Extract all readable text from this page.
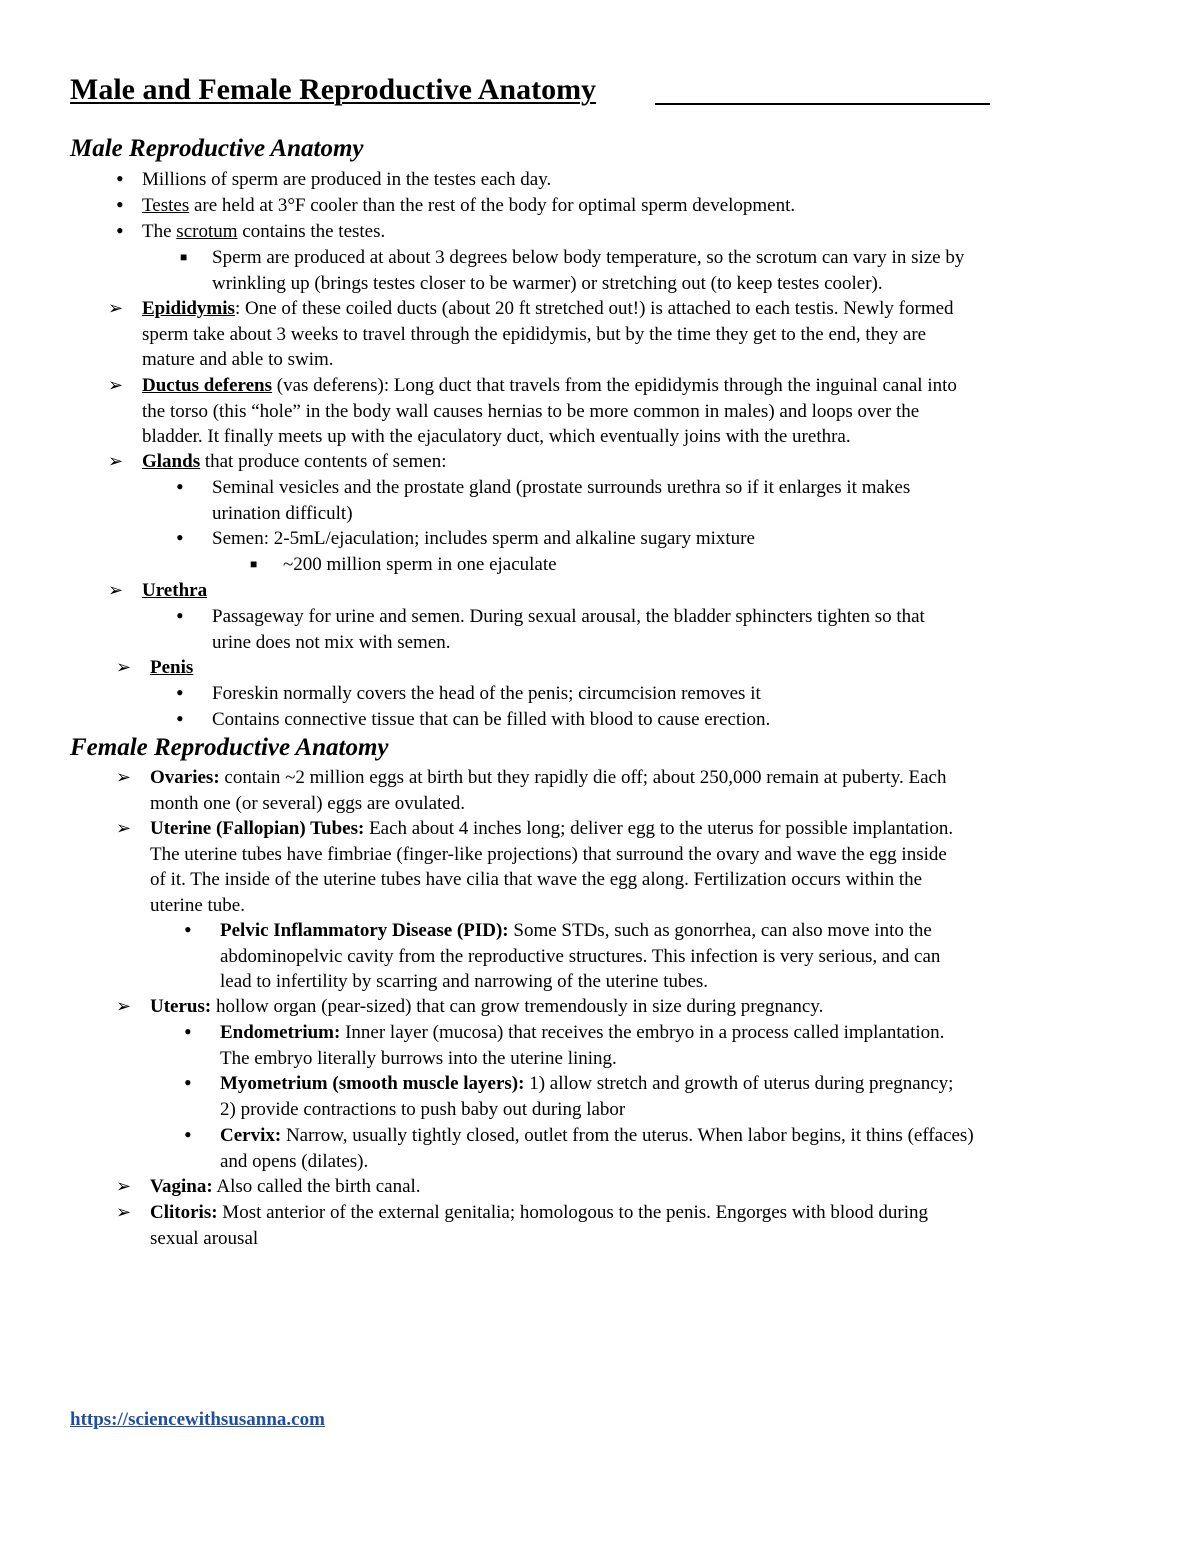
Male and Female Reproductive Anatomy
Male Reproductive Anatomy
• Millions of sperm are produced in the testes each day.
• Testes are held at 3°F cooler than the rest of the body for optimal sperm development.
• The scrotum contains the testes.
■ Sperm are produced at about 3 degrees below body temperature, so the scrotum can vary in size by
wrinkling up (brings testes closer to be warmer) or stretching out (to keep testes cooler).
➢ Epididymis: One of these coiled ducts (about 20 ft stretched out!) is attached to each testis. Newly formed
sperm take about 3 weeks to travel through the epididymis, but by the time they get to the end, they are
mature and able to swim.
➢ Ductus deferens (vas deferens): Long duct that travels from the epididymis through the inguinal canal into
the torso (this “hole” in the body wall causes hernias to be more common in males) and loops over the
bladder. It finally meets up with the ejaculatory duct, which eventually joins with the urethra.
➢ Glands that produce contents of semen:
• Seminal vesicles and the prostate gland (prostate surrounds urethra so if it enlarges it makes
urination difficult)
• Semen: 2-5mL/ejaculation; includes sperm and alkaline sugary mixture
■ ~200 million sperm in one ejaculate
➢ Urethra
• Passageway for urine and semen. During sexual arousal, the bladder sphincters tighten so that
urine does not mix with semen.
➢ Penis
• Foreskin normally covers the head of the penis; circumcision removes it
• Contains connective tissue that can be filled with blood to cause erection.
Female Reproductive Anatomy
➢ Ovaries: contain ~2 million eggs at birth but they rapidly die off; about 250,000 remain at puberty. Each
month one (or several) eggs are ovulated.
➢ Uterine (Fallopian) Tubes: Each about 4 inches long; deliver egg to the uterus for possible implantation.
The uterine tubes have fimbriae (finger-like projections) that surround the ovary and wave the egg inside
of it. The inside of the uterine tubes have cilia that wave the egg along. Fertilization occurs within the
uterine tube.
• Pelvic Inflammatory Disease (PID): Some STDs, such as gonorrhea, can also move into the
abdominopelvic cavity from the reproductive structures. This infection is very serious, and can
lead to infertility by scarring and narrowing of the uterine tubes.
➢ Uterus: hollow organ (pear-sized) that can grow tremendously in size during pregnancy.
• Endometrium: Inner layer (mucosa) that receives the embryo in a process called implantation.
The embryo literally burrows into the uterine lining.
• Myometrium (smooth muscle layers): 1) allow stretch and growth of uterus during pregnancy;
2) provide contractions to push baby out during labor
• Cervix: Narrow, usually tightly closed, outlet from the uterus. When labor begins, it thins (effaces)
and opens (dilates).
➢ Vagina: Also called the birth canal.
➢ Clitoris: Most anterior of the external genitalia; homologous to the penis. Engorges with blood during
sexual arousal
https://sciencewithsusanna.com
